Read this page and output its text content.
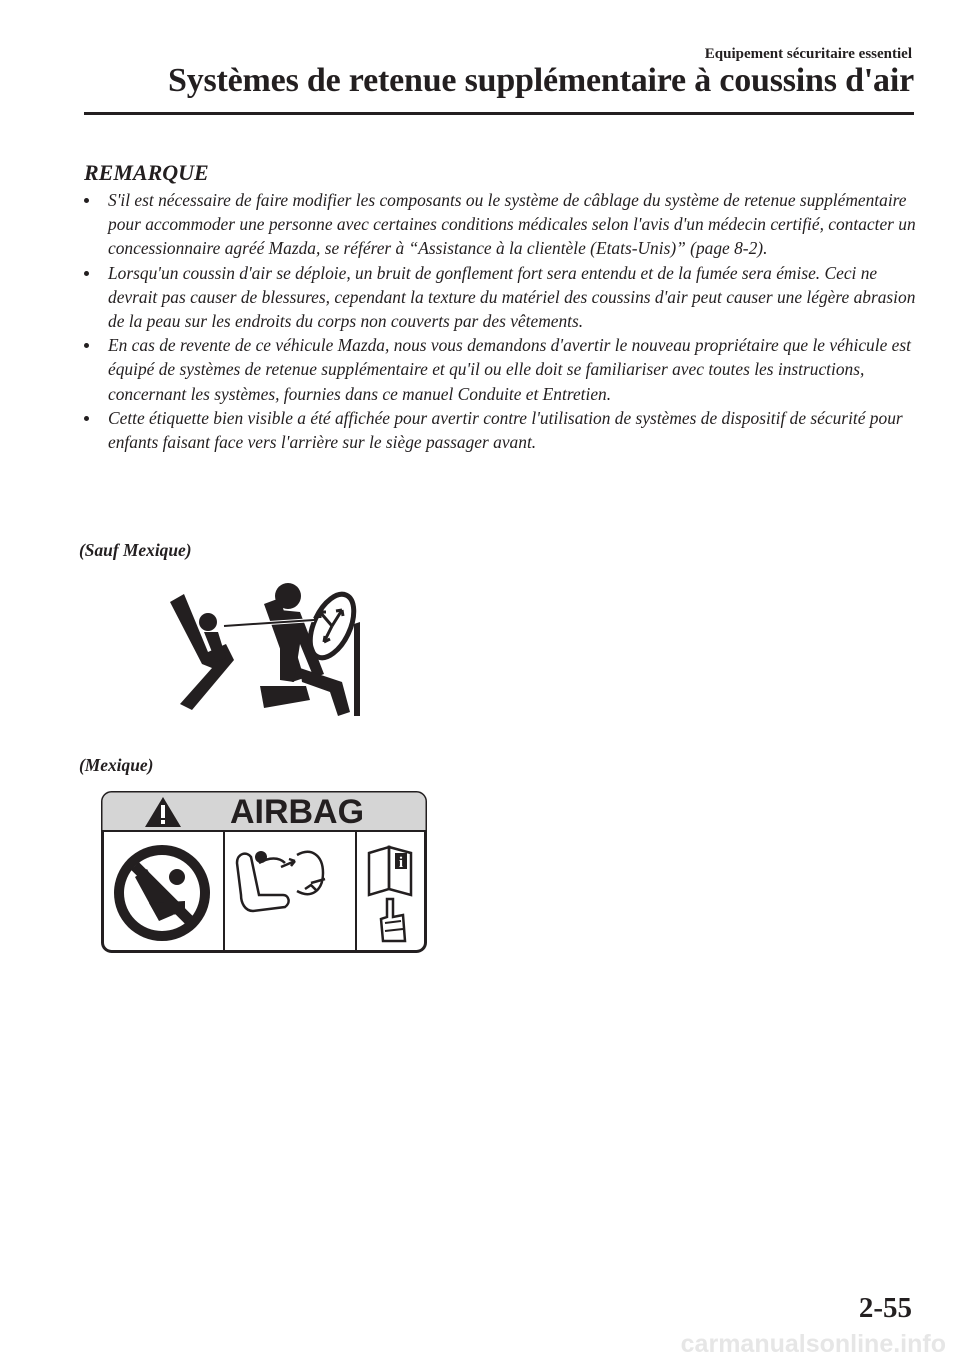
Equipement sécuritaire essentiel
Systèmes de retenue supplémentaire à coussins d'air
REMARQUE
S'il est nécessaire de faire modifier les composants ou le système de câblage du système de retenue supplémentaire pour accommoder une personne avec certaines conditions médicales selon l'avis d'un médecin certifié, contacter un concessionnaire agréé Mazda, se référer à “Assistance à la clientèle (Etats-Unis)” (page 8-2).
Lorsqu'un coussin d'air se déploie, un bruit de gonflement fort sera entendu et de la fumée sera émise. Ceci ne devrait pas causer de blessures, cependant la texture du matériel des coussins d'air peut causer une légère abrasion de la peau sur les endroits du corps non couverts par des vêtements.
En cas de revente de ce véhicule Mazda, nous vous demandons d'avertir le nouveau propriétaire que le véhicule est équipé de systèmes de retenue supplémentaire et qu'il ou elle doit se familiariser avec toutes les instructions, concernant les systèmes, fournies dans ce manuel Conduite et Entretien.
Cette étiquette bien visible a été affichée pour avertir contre l'utilisation de systèmes de dispositif de sécurité pour enfants faisant face vers l'arrière sur le siège passager avant.
(Sauf Mexique)
(Mexique)
AIRBAG
i
2-55
carmanualsonline.info
